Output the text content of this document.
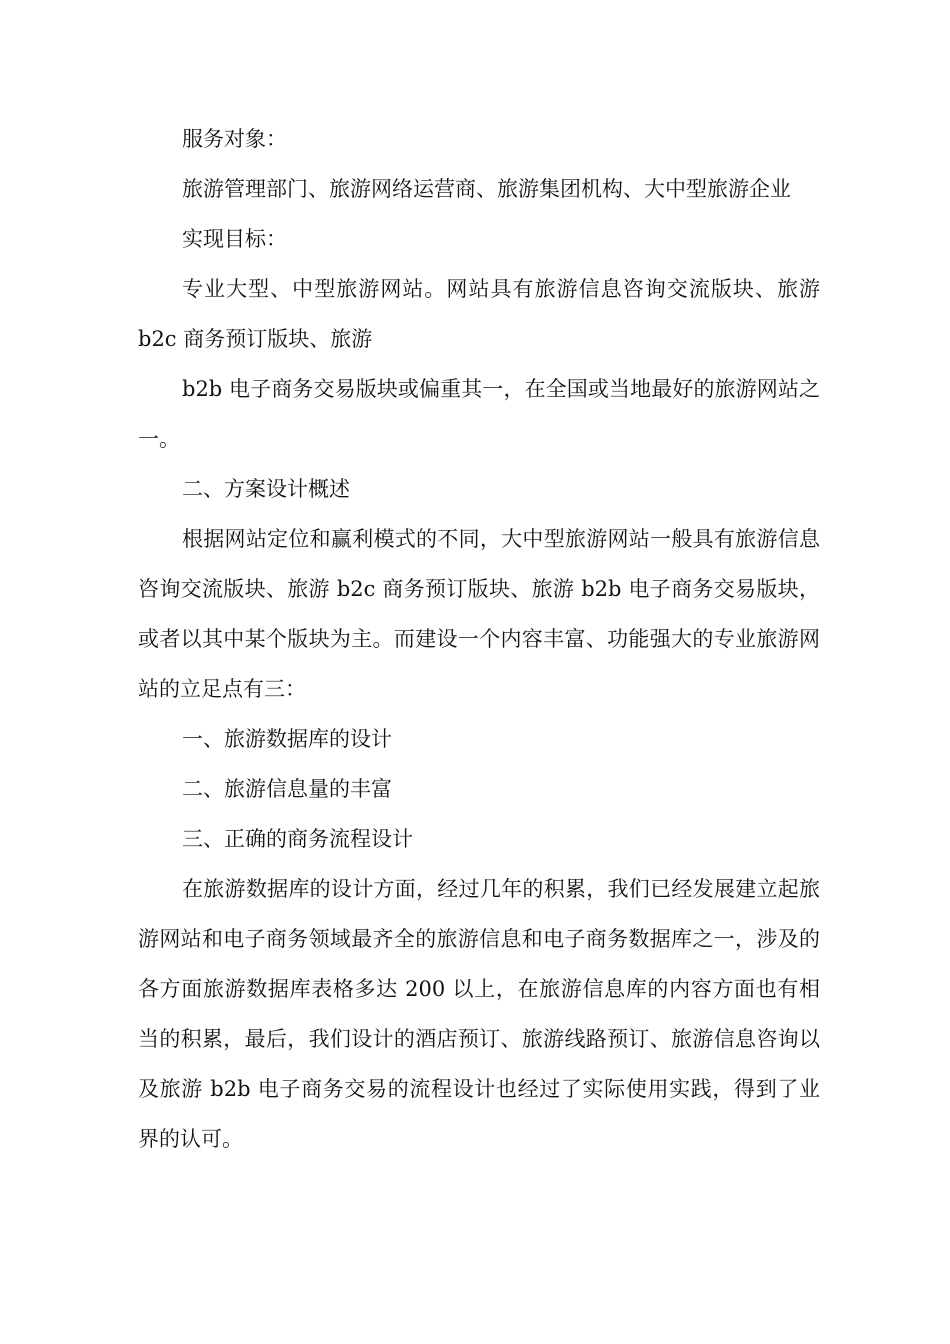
服务对象：

旅游管理部门、旅游网络运营商、旅游集团机构、大中型旅游企业

实现目标：

专业大型、中型旅游网站。网站具有旅游信息咨询交流版块、旅游 b2c 商务预订版块、旅游

b2b 电子商务交易版块或偏重其一，在全国或当地最好的旅游网站之一。

二、方案设计概述

根据网站定位和赢利模式的不同，大中型旅游网站一般具有旅游信息咨询交流版块、旅游 b2c 商务预订版块、旅游 b2b 电子商务交易版块，或者以其中某个版块为主。而建设一个内容丰富、功能强大的专业旅游网站的立足点有三：

一、旅游数据库的设计

二、旅游信息量的丰富

三、正确的商务流程设计

在旅游数据库的设计方面，经过几年的积累，我们已经发展建立起旅游网站和电子商务领域最齐全的旅游信息和电子商务数据库之一，涉及的各方面旅游数据库表格多达 200 以上，在旅游信息库的内容方面也有相当的积累，最后，我们设计的酒店预订、旅游线路预订、旅游信息咨询以及旅游 b2b 电子商务交易的流程设计也经过了实际使用实践，得到了业界的认可。
